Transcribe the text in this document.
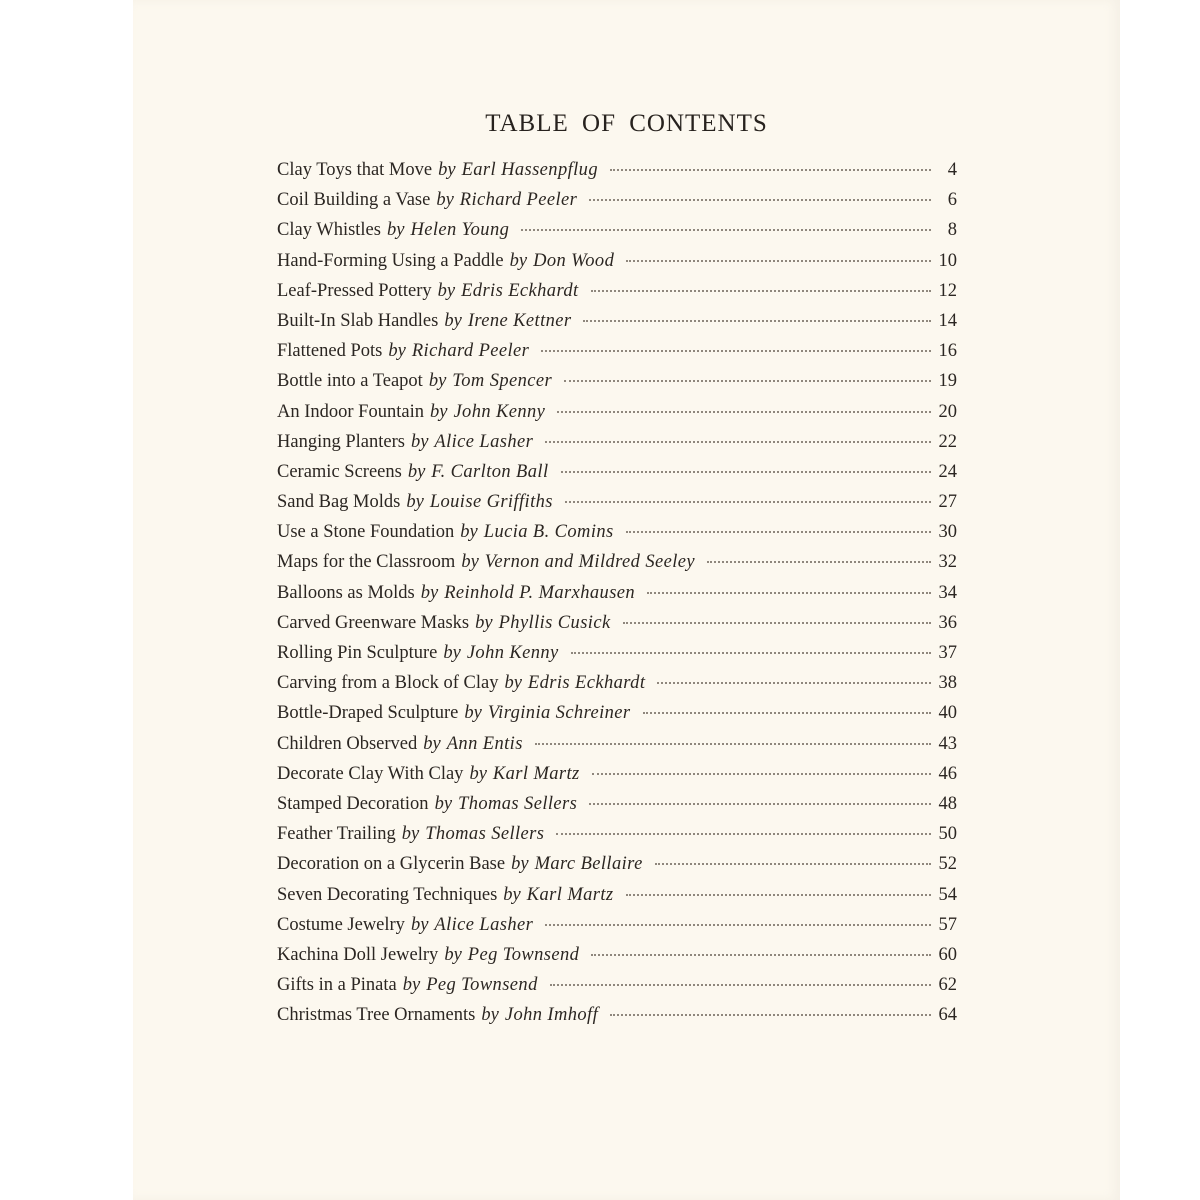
TABLE OF CONTENTS
Clay Toys that Move by Earl Hassenpflug	4
Coil Building a Vase by Richard Peeler	6
Clay Whistles by Helen Young	8
Hand-Forming Using a Paddle by Don Wood	10
Leaf-Pressed Pottery by Edris Eckhardt	12
Built-In Slab Handles by Irene Kettner	14
Flattened Pots by Richard Peeler	16
Bottle into a Teapot by Tom Spencer	19
An Indoor Fountain by John Kenny	20
Hanging Planters by Alice Lasher	22
Ceramic Screens by F. Carlton Ball	24
Sand Bag Molds by Louise Griffiths	27
Use a Stone Foundation by Lucia B. Comins	30
Maps for the Classroom by Vernon and Mildred Seeley	32
Balloons as Molds by Reinhold P. Marxhausen	34
Carved Greenware Masks by Phyllis Cusick	36
Rolling Pin Sculpture by John Kenny	37
Carving from a Block of Clay by Edris Eckhardt	38
Bottle-Draped Sculpture by Virginia Schreiner	40
Children Observed by Ann Entis	43
Decorate Clay With Clay by Karl Martz	46
Stamped Decoration by Thomas Sellers	48
Feather Trailing by Thomas Sellers	50
Decoration on a Glycerin Base by Marc Bellaire	52
Seven Decorating Techniques by Karl Martz	54
Costume Jewelry by Alice Lasher	57
Kachina Doll Jewelry by Peg Townsend	60
Gifts in a Pinata by Peg Townsend	62
Christmas Tree Ornaments by John Imhoff	64
